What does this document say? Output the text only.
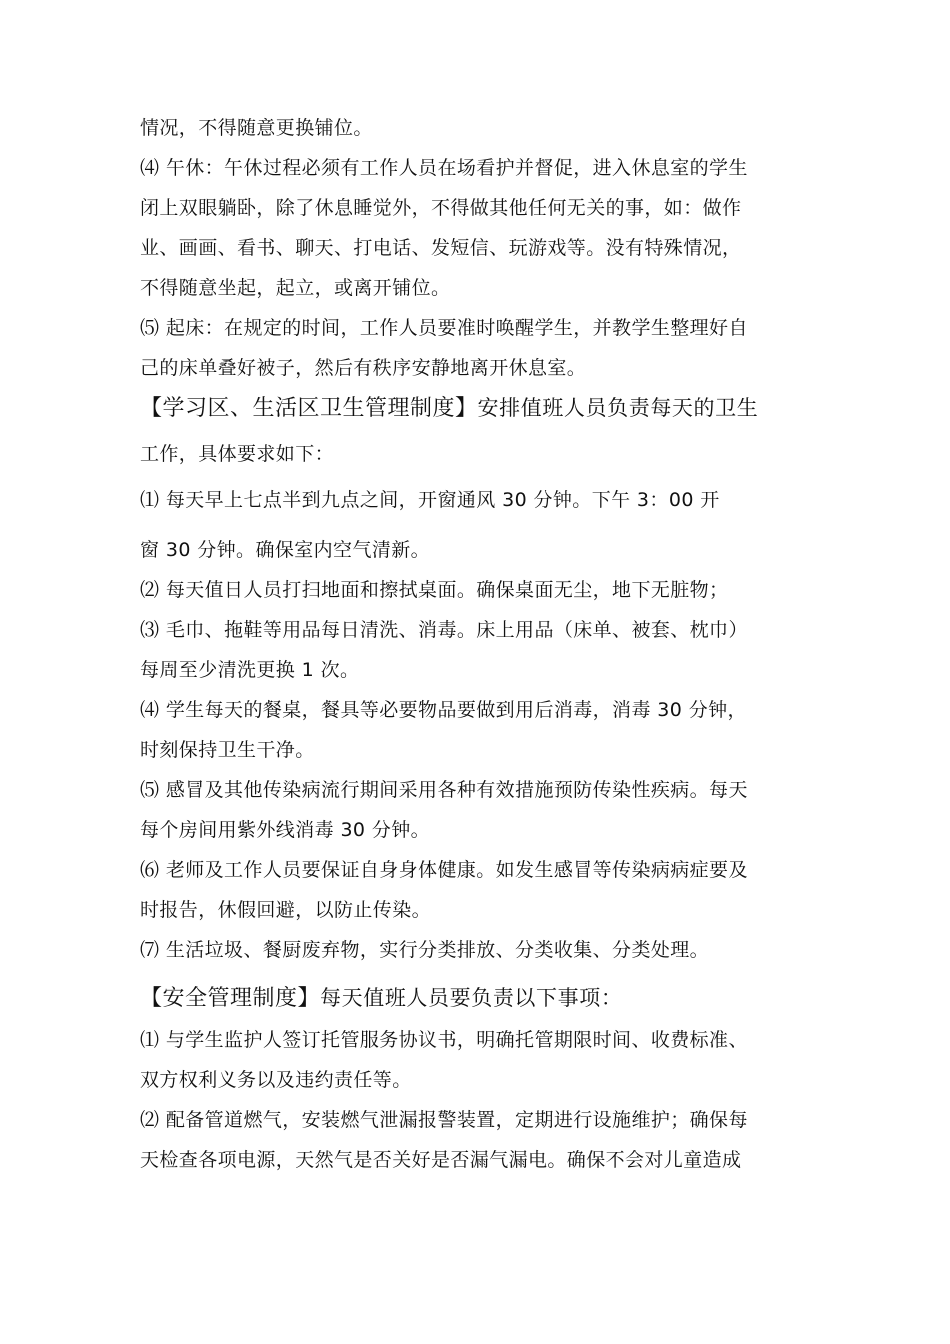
情况，不得随意更换铺位。
⑷ 午休：午休过程必须有工作人员在场看护并督促，进入休息室的学生
闭上双眼躺卧，除了休息睡觉外，不得做其他任何无关的事，如：做作
业、画画、看书、聊天、打电话、发短信、玩游戏等。没有特殊情况，
不得随意坐起，起立，或离开铺位。
⑸ 起床：在规定的时间，工作人员要准时唤醒学生，并教学生整理好自
己的床单叠好被子，然后有秩序安静地离开休息室。
【学习区、生活区卫生管理制度】安排值班人员负责每天的卫生
工作，具体要求如下：
⑴ 每天早上七点半到九点之间，开窗通风 30 分钟。下午 3：00 开
窗 30 分钟。确保室内空气清新。
⑵ 每天值日人员打扫地面和擦拭桌面。确保桌面无尘，地下无脏物；
⑶ 毛巾、拖鞋等用品每日清洗、消毒。床上用品（床单、被套、枕巾）
每周至少清洗更换 1 次。
⑷ 学生每天的餐桌，餐具等必要物品要做到用后消毒，消毒 30 分钟，
时刻保持卫生干净。
⑸ 感冒及其他传染病流行期间采用各种有效措施预防传染性疾病。每天
每个房间用紫外线消毒 30 分钟。
⑹ 老师及工作人员要保证自身身体健康。如发生感冒等传染病病症要及
时报告，休假回避，以防止传染。
⑺ 生活垃圾、餐厨废弃物，实行分类排放、分类收集、分类处理。
【安全管理制度】每天值班人员要负责以下事项：
⑴ 与学生监护人签订托管服务协议书，明确托管期限时间、收费标准、
双方权利义务以及违约责任等。
⑵ 配备管道燃气，安装燃气泄漏报警装置，定期进行设施维护；确保每
天检查各项电源，天然气是否关好是否漏气漏电。确保不会对儿童造成
